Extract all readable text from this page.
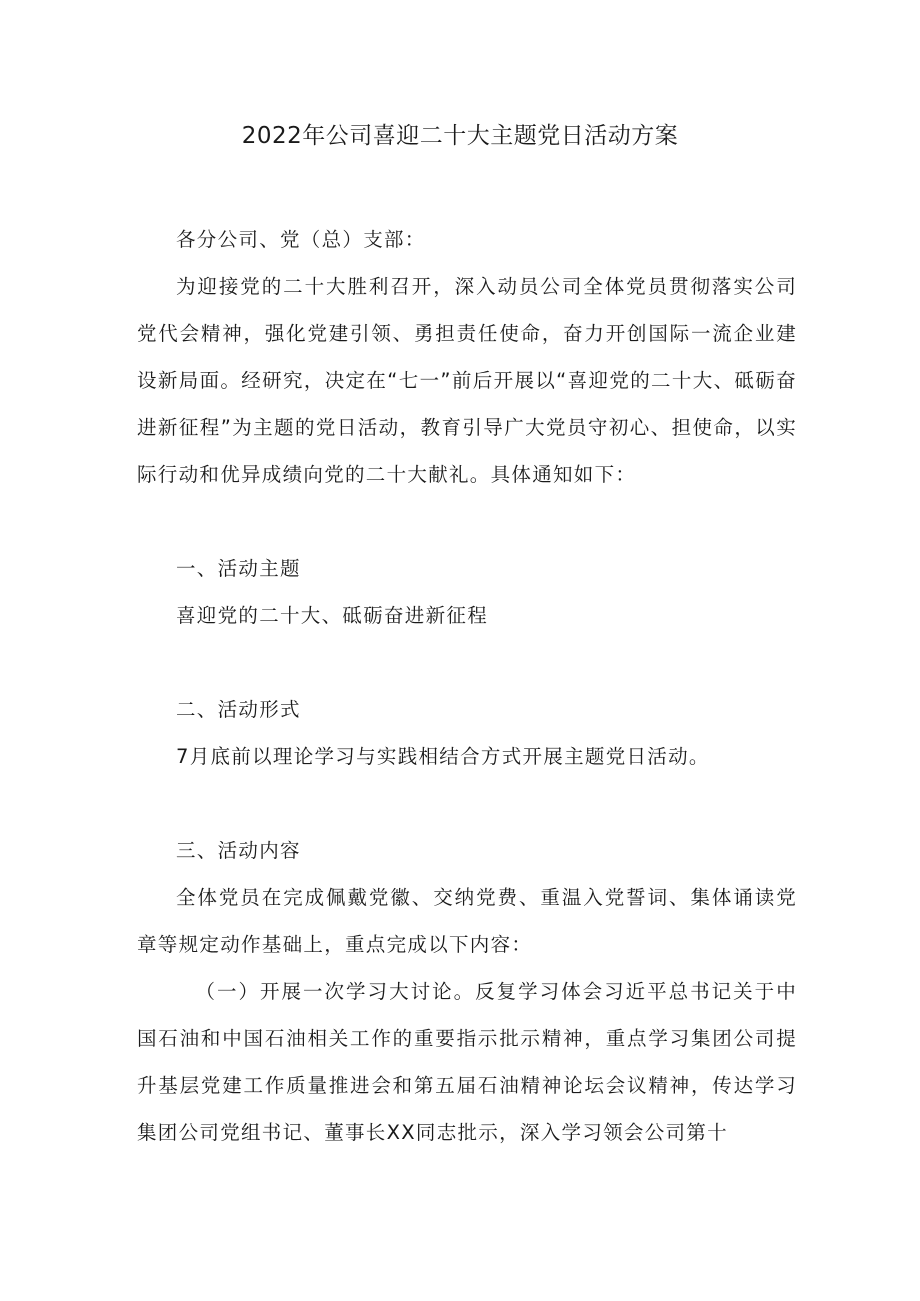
2022年公司喜迎二十大主题党日活动方案

各分公司、党（总）支部：

为迎接党的二十大胜利召开，深入动员公司全体党员贯彻落实公司党代会精神，强化党建引领、勇担责任使命，奋力开创国际一流企业建设新局面。经研究，决定在“七一”前后开展以“喜迎党的二十大、砥砺奋进新征程”为主题的党日活动，教育引导广大党员守初心、担使命，以实际行动和优异成绩向党的二十大献礼。具体通知如下：

一、活动主题

喜迎党的二十大、砥砺奋进新征程

二、活动形式

7月底前以理论学习与实践相结合方式开展主题党日活动。

三、活动内容

全体党员在完成佩戴党徽、交纳党费、重温入党誓词、集体诵读党章等规定动作基础上，重点完成以下内容：

（一）开展一次学习大讨论。反复学习体会习近平总书记关于中国石油和中国石油相关工作的重要指示批示精神，重点学习集团公司提升基层党建工作质量推进会和第五届石油精神论坛会议精神，传达学习集团公司党组书记、董事长XX同志批示，深入学习领会公司第十
